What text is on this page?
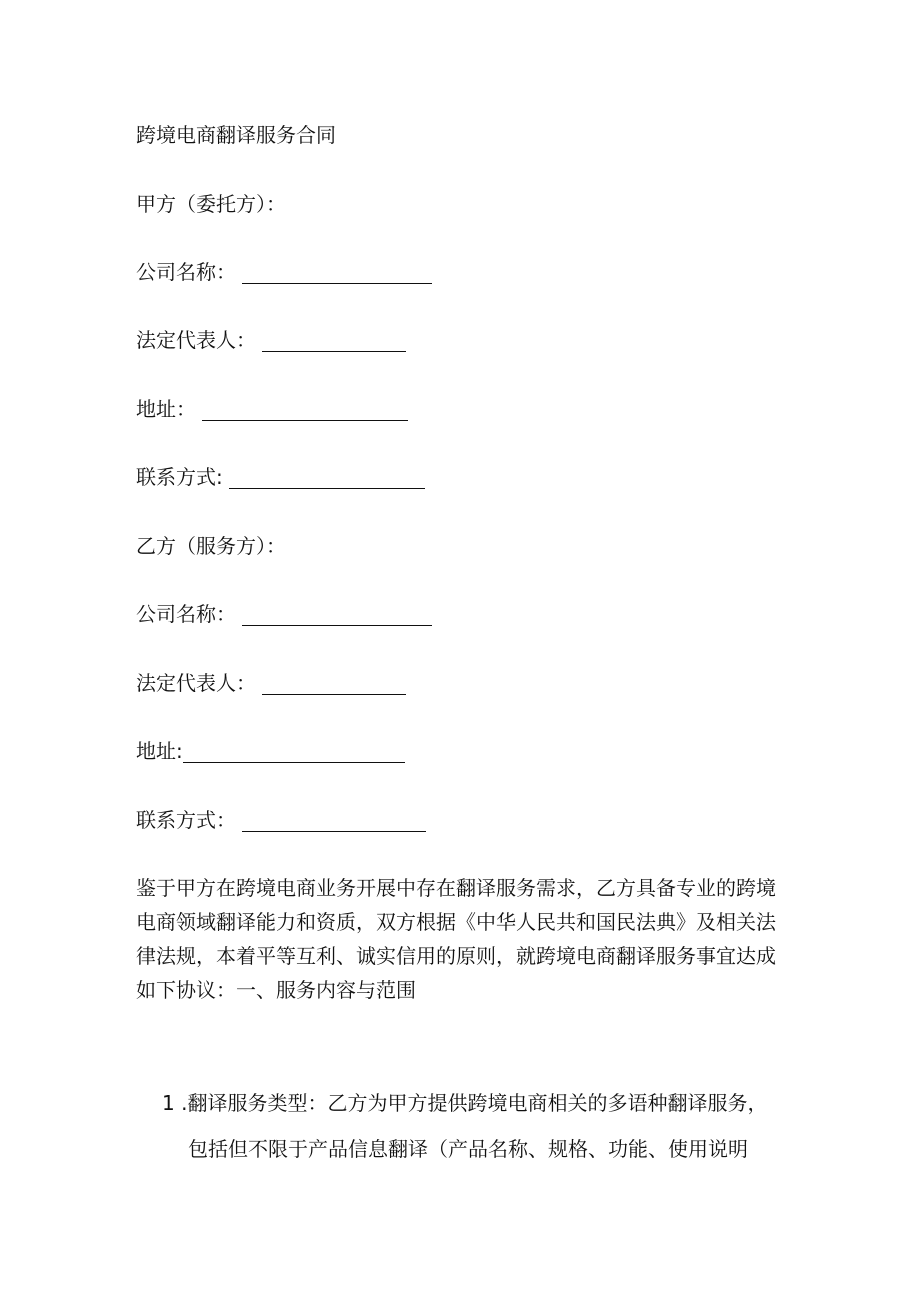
跨境电商翻译服务合同
甲方（委托方）：
公司名称：
法定代表人：
地址：
联系方式:
乙方（服务方）：
公司名称：
法定代表人：
地址:
联系方式：
鉴于甲方在跨境电商业务开展中存在翻译服务需求，乙方具备专业的跨境
电商领域翻译能力和资质，双方根据《中华人民共和国民法典》及相关法
律法规，本着平等互利、诚实信用的原则，就跨境电商翻译服务事宜达成
如下协议：一、服务内容与范围
1 .翻译服务类型：乙方为甲方提供跨境电商相关的多语种翻译服务，
包括但不限于产品信息翻译（产品名称、规格、功能、使用说明
